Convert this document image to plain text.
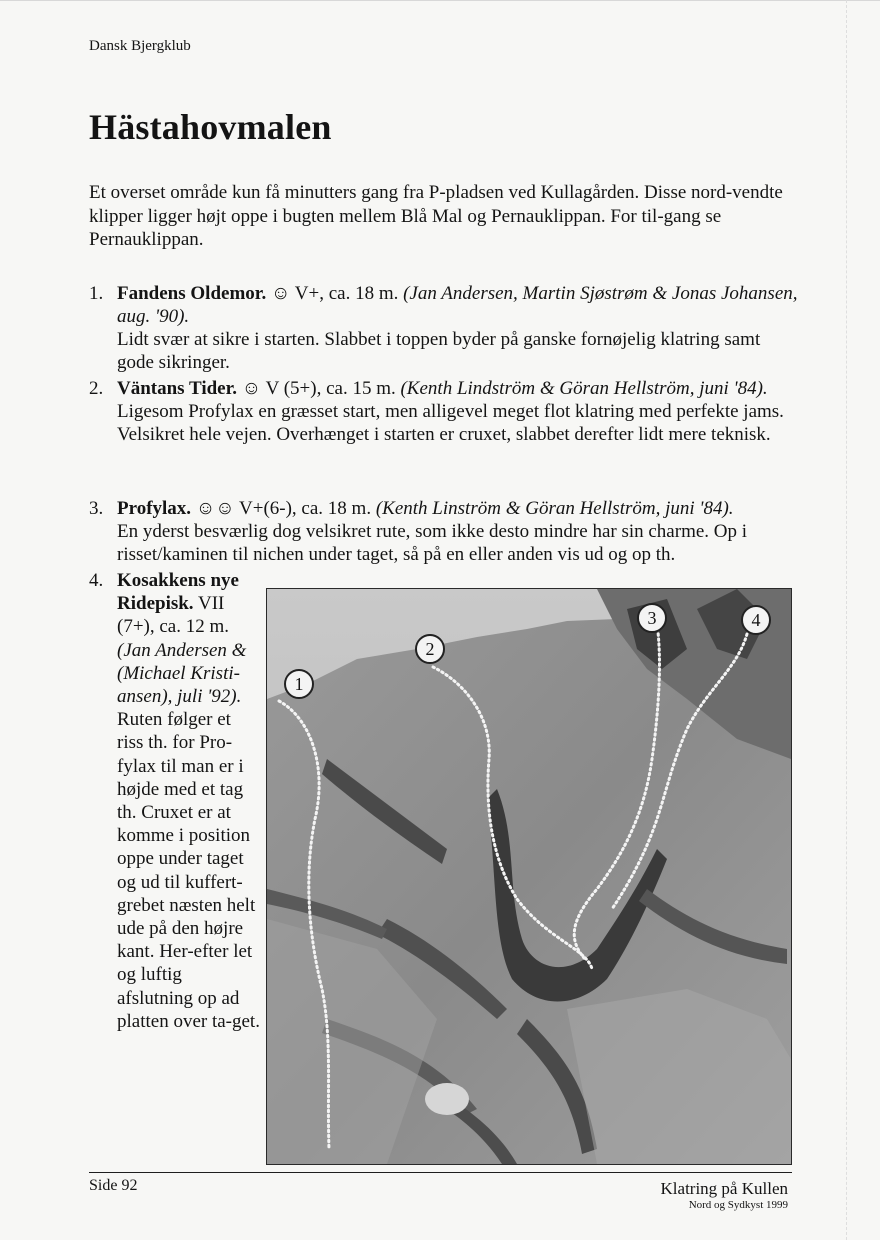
Dansk Bjergklub
Hästahovmalen

Et overset område kun få minutters gang fra P-pladsen ved Kullagården. Disse nord-vendte klipper ligger højt oppe i bugten mellem Blå Mal og Pernauklippan. For til-gang se Pernauklippan.

1. Fandens Oldemor. ☺ V+, ca. 18 m. (Jan Andersen, Martin Sjøstrøm & Jonas Johansen, aug. '90).
Lidt svær at sikre i starten. Slabbet i toppen byder på ganske fornøjelig klatring samt gode sikringer.
2. Väntans Tider. ☺ V (5+), ca. 15 m. (Kenth Lindström & Göran Hellström, juni '84).
Ligesom Profylax en græsset start, men alligevel meget flot klatring med perfekte jams. Velsikret hele vejen. Overhænget i starten er cruxet, slabbet derefter lidt mere teknisk.
3. Profylax. ☺☺ V+(6-), ca. 18 m. (Kenth Linström & Göran Hellström, juni '84).
En yderst besværlig dog velsikret rute, som ikke desto mindre har sin charme. Op i risset/kaminen til nichen under taget, så på en eller anden vis ud og op th.
4. Kosakkens nye Ridepisk. VII (7+), ca. 12 m. (Jan Andersen & (Michael Kristi-ansen), juli '92). Ruten følger et riss th. for Pro-fylax til man er i højde med et tag th. Cruxet er at komme i position oppe under taget og ud til kuffert-grebet næsten helt ude på den højre kant. Her-efter let og luftig afslutning op ad platten over ta-get.
1
2
3	4
Side 92	Klatring på Kullen
Nord og Sydkyst 1999
